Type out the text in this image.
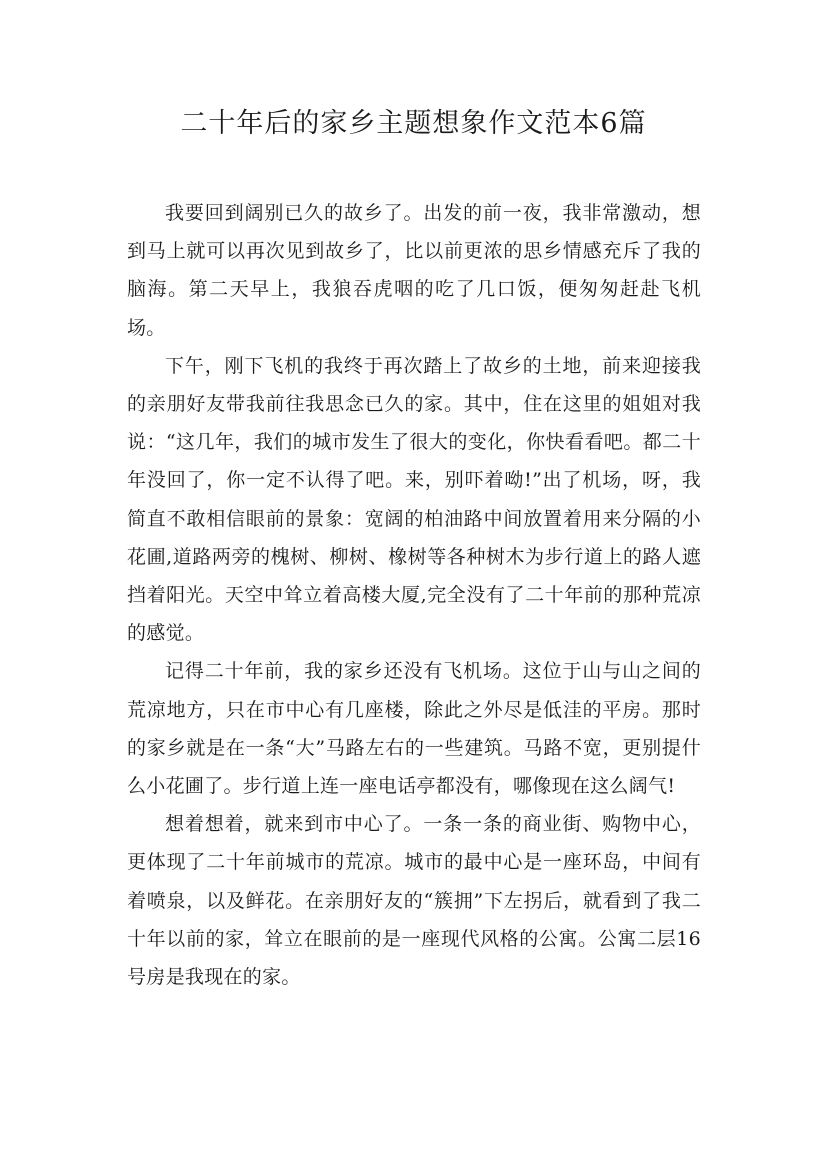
二十年后的家乡主题想象作文范本6篇

我要回到阔别已久的故乡了。出发的前一夜，我非常激动，想到马上就可以再次见到故乡了，比以前更浓的思乡情感充斥了我的脑海。第二天早上，我狼吞虎咽的吃了几口饭，便匆匆赶赴飞机场。

下午，刚下飞机的我终于再次踏上了故乡的土地，前来迎接我的亲朋好友带我前往我思念已久的家。其中，住在这里的姐姐对我说：“这几年，我们的城市发生了很大的变化，你快看看吧。都二十年没回了，你一定不认得了吧。来，别吓着呦!”出了机场，呀，我简直不敢相信眼前的景象：宽阔的柏油路中间放置着用来分隔的小花圃,道路两旁的槐树、柳树、橡树等各种树木为步行道上的路人遮挡着阳光。天空中耸立着高楼大厦,完全没有了二十年前的那种荒凉的感觉。

记得二十年前，我的家乡还没有飞机场。这位于山与山之间的荒凉地方，只在市中心有几座楼，除此之外尽是低洼的平房。那时的家乡就是在一条“大”马路左右的一些建筑。马路不宽，更别提什么小花圃了。步行道上连一座电话亭都没有，哪像现在这么阔气!

想着想着，就来到市中心了。一条一条的商业街、购物中心，更体现了二十年前城市的荒凉。城市的最中心是一座环岛，中间有着喷泉，以及鲜花。在亲朋好友的“簇拥”下左拐后，就看到了我二十年以前的家，耸立在眼前的是一座现代风格的公寓。公寓二层16号房是我现在的家。
